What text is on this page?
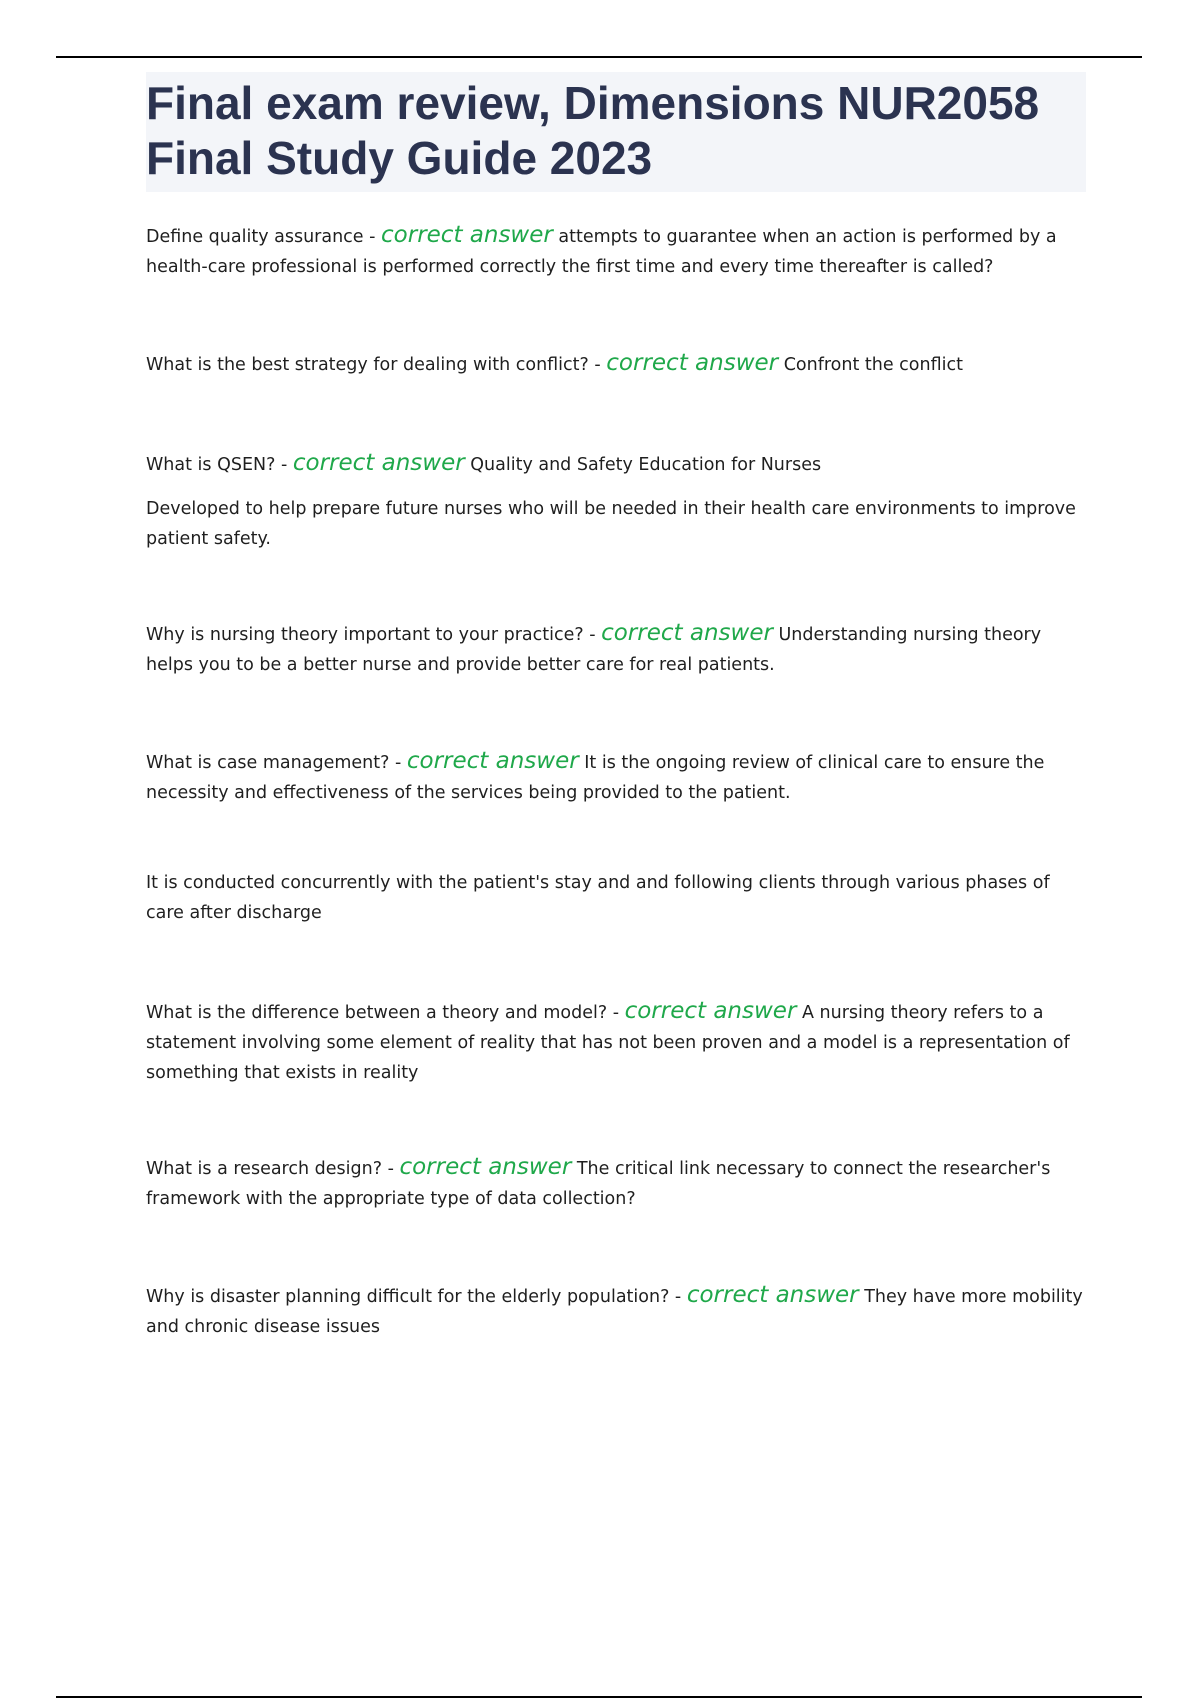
Final exam review, Dimensions NUR2058 Final Study Guide 2023

Define quality assurance - correct answer attempts to guarantee when an action is performed by a health-care professional is performed correctly the first time and every time thereafter is called?

What is the best strategy for dealing with conflict? - correct answer Confront the conflict

What is QSEN? - correct answer Quality and Safety Education for Nurses

Developed to help prepare future nurses who will be needed in their health care environments to improve patient safety.

Why is nursing theory important to your practice? - correct answer Understanding nursing theory helps you to be a better nurse and provide better care for real patients.

What is case management? - correct answer It is the ongoing review of clinical care to ensure the necessity and effectiveness of the services being provided to the patient.

It is conducted concurrently with the patient's stay and and following clients through various phases of care after discharge

What is the difference between a theory and model? - correct answer A nursing theory refers to a statement involving some element of reality that has not been proven and a model is a representation of something that exists in reality

What is a research design? - correct answer The critical link necessary to connect the researcher's framework with the appropriate type of data collection?

Why is disaster planning difficult for the elderly population? - correct answer They have more mobility and chronic disease issues
